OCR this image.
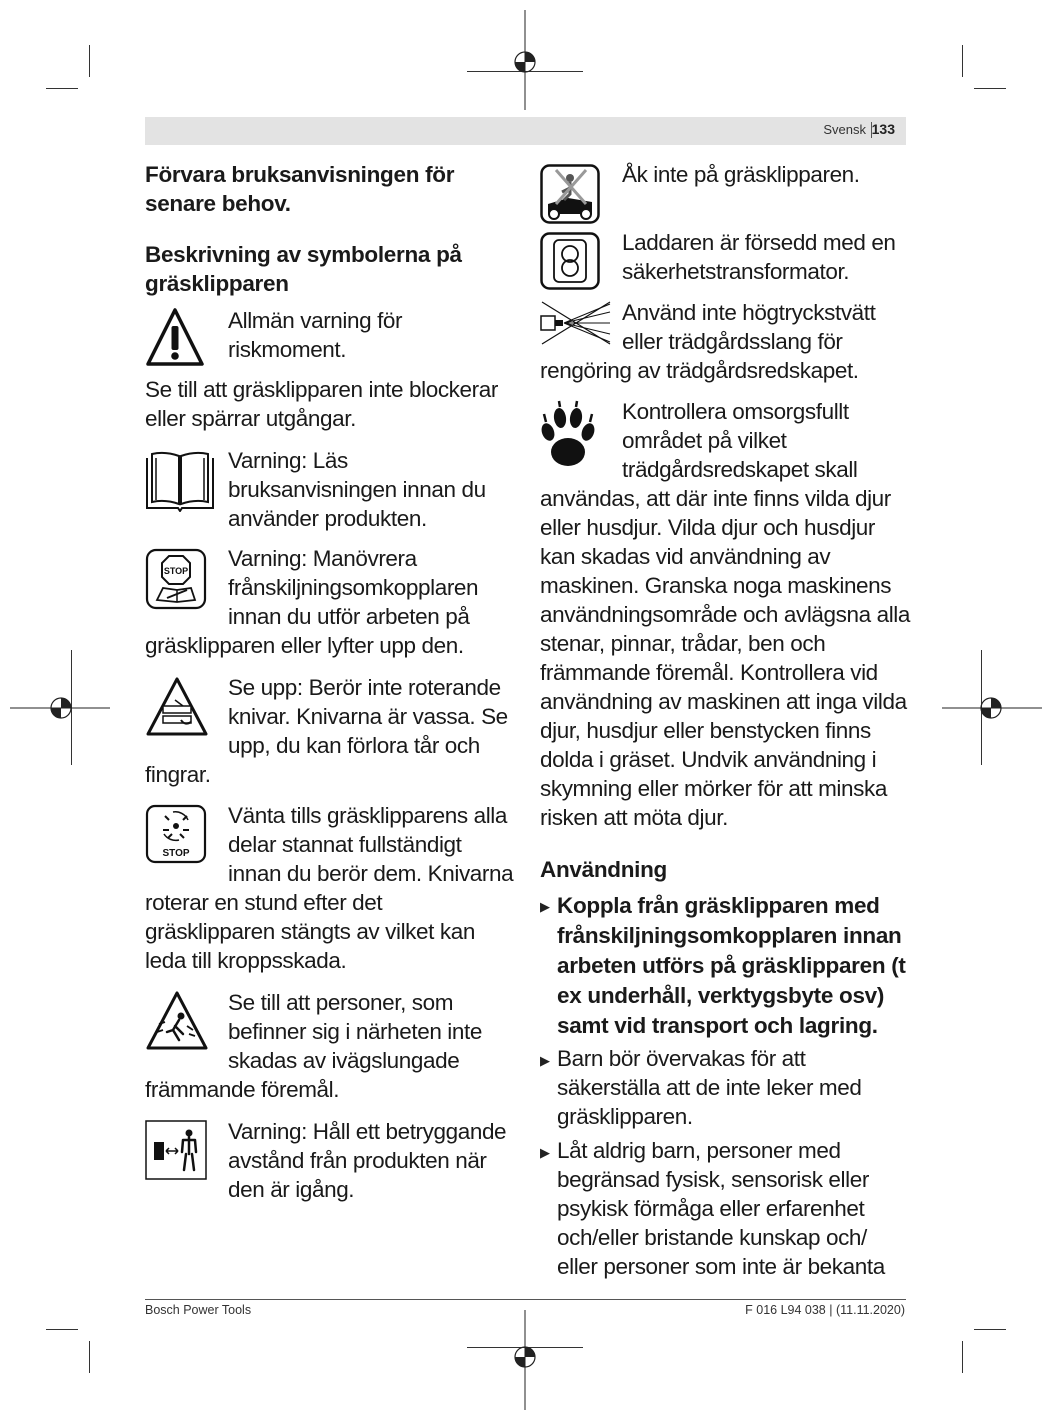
Svensk 133
Förvara bruksanvisningen för
senare behov.
Beskrivning av symbolerna på
gräsklipparen
Allmän varning för
riskmoment.
Se till att gräsklipparen inte blockerar
eller spärrar utgångar.
Varning: Läs
bruksanvisningen innan du
använder produkten.
STOP Varning: Manövrera
frånskiljningsomkopplaren
innan du utför arbeten på
gräsklipparen eller lyfter upp den.
Se upp: Berör inte roterande
knivar. Knivarna är vassa. Se
upp, du kan förlora tår och
fingrar.
STOP
Vänta tills gräsklipparens alla
delar stannat fullständigt
innan du berör dem. Knivarna
roterar en stund efter det
gräsklipparen stängts av vilket kan
leda till kroppsskada.
Se till att personer, som
befinner sig i närheten inte
skadas av ivägslungade
främmande föremål.
Varning: Håll ett betryggande
avstånd från produkten när
den är igång.
Åk inte på gräsklipparen.
Laddaren är försedd med en
säkerhetstransformator.
Använd inte högtryckstvätt
eller trädgårdsslang för
rengöring av trädgårdsredskapet.
Kontrollera omsorgsfullt
området på vilket
trädgårdsredskapet skall
användas, att där inte finns vilda djur
eller husdjur. Vilda djur och husdjur
kan skadas vid användning av
maskinen. Granska noga maskinens
användningsområde och avlägsna alla
stenar, pinnar, trådar, ben och
främmande föremål. Kontrollera vid
användning av maskinen att inga vilda
djur, husdjur eller benstycken finns
dolda i gräset. Undvik användning i
skymning eller mörker för att minska
risken att möta djur.
Användning
▶ Koppla från gräsklipparen med
frånskiljningsomkopplaren innan
arbeten utförs på gräsklipparen (t
ex underhåll, verktygsbyte osv)
samt vid transport och lagring.
▶ Barn bör övervakas för att
säkerställa att de inte leker med
gräsklipparen.
▶ Låt aldrig barn, personer med
begränsad fysisk, sensorisk eller
psykisk förmåga eller erfarenhet
och/eller bristande kunskap och/
eller personer som inte är bekanta
Bosch Power Tools	F 016 L94 038 | (11.11.2020)
